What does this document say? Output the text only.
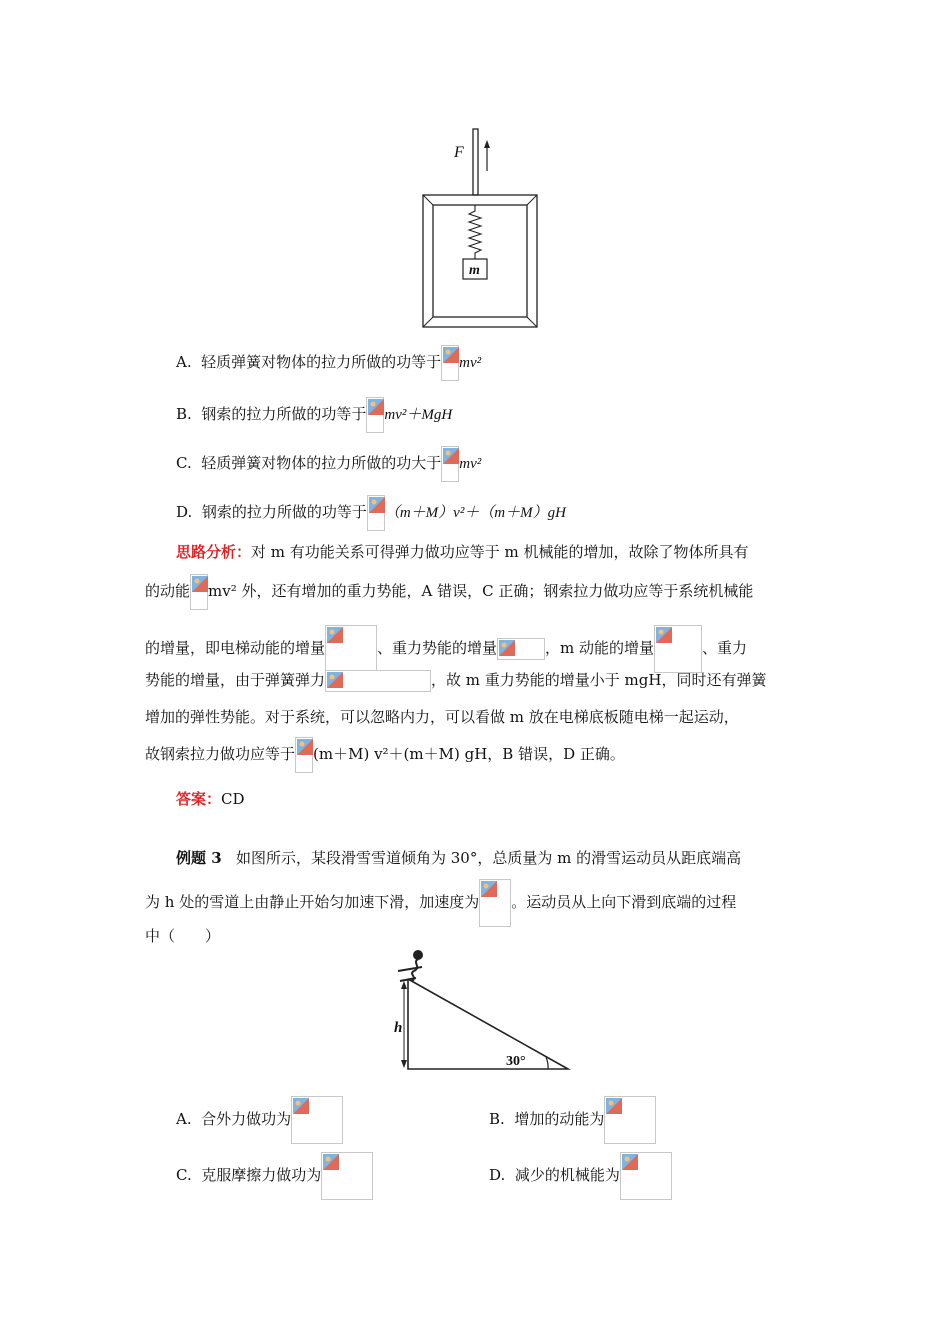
F
m
A. 轻质弹簧对物体的拉力所做的功等于 mv²
B. 钢索的拉力所做的功等于 mv²＋MgH
C. 轻质弹簧对物体的拉力所做的功大于 mv²
D. 钢索的拉力所做的功等于 （m＋M）v²＋（m＋M）gH
思路分析：对 m 有功能关系可得弹力做功应等于 m 机械能的增加，故除了物体所具有
的动能 mv² 外，还有增加的重力势能，A 错误，C 正确；钢索拉力做功应等于系统机械能
的增量，即电梯动能的增量	、重力势能的增量	，m 动能的增量	、重力
势能的增量，由于弹簧弹力	，故 m 重力势能的增量小于 mgH，同时还有弹簧
增加的弹性势能。对于系统，可以忽略内力，可以看做 m 放在电梯底板随电梯一起运动，
故钢索拉力做功应等于 (m＋M) v²＋(m＋M) gH，B 错误，D 正确。
答案：CD
例题 3 如图所示，某段滑雪雪道倾角为 30°，总质量为 m 的滑雪运动员从距底端高
为 h 处的雪道上由静止开始匀加速下滑，加速度为 。运动员从上向下滑到底端的过程
中（　　）
h
30°
A. 合外力做功为	B. 增加的动能为
C. 克服摩擦力做功为	D. 减少的机械能为
